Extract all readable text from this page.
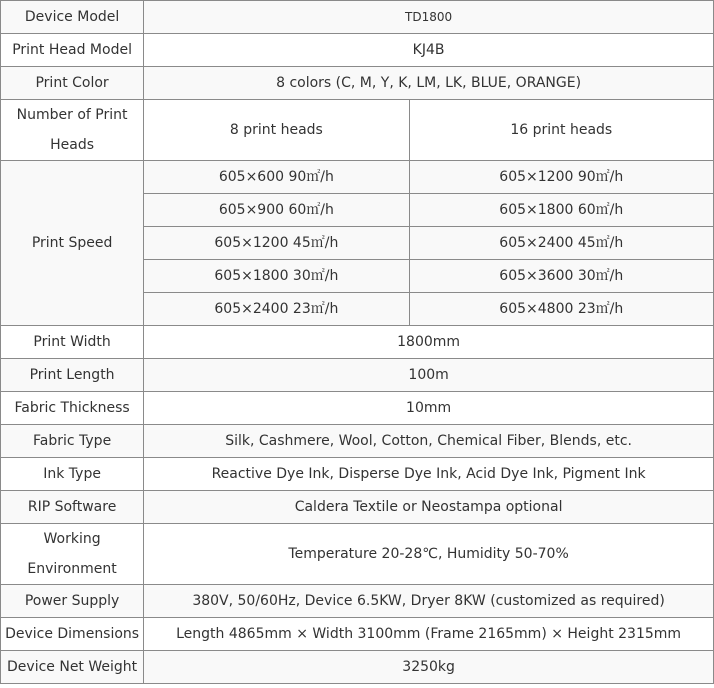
Device Model	TD1800	
Print Head Model	KJ4B	
Print Color	8 colors (C, M, Y, K, LM, LK, BLUE, ORANGE)	

Number of Print
Heads	8 print heads	16 print heads
Print Speed	605×600 90㎡/h	605×1200 90㎡/h
	605×900 60㎡/h	605×1800 60㎡/h
	605×1200 45㎡/h	605×2400 45㎡/h
	605×1800 30㎡/h	605×3600 30㎡/h
	605×2400 23㎡/h	605×4800 23㎡/h
Print Width	1800mm	
Print Length	100m	
Fabric Thickness	10mm	
Fabric Type	Silk, Cashmere, Wool, Cotton, Chemical Fiber, Blends, etc.	
Ink Type	Reactive Dye Ink, Disperse Dye Ink, Acid Dye Ink, Pigment Ink	
RIP Software	Caldera Textile or Neostampa optional	

Working
Environment	Temperature 20-28℃, Humidity 50-70%	
Power Supply	380V, 50/60Hz, Device 6.5KW, Dryer 8KW (customized as required)	
Device Dimensions	Length 4865mm × Width 3100mm (Frame 2165mm) × Height 2315mm	
Device Net Weight	3250kg	
